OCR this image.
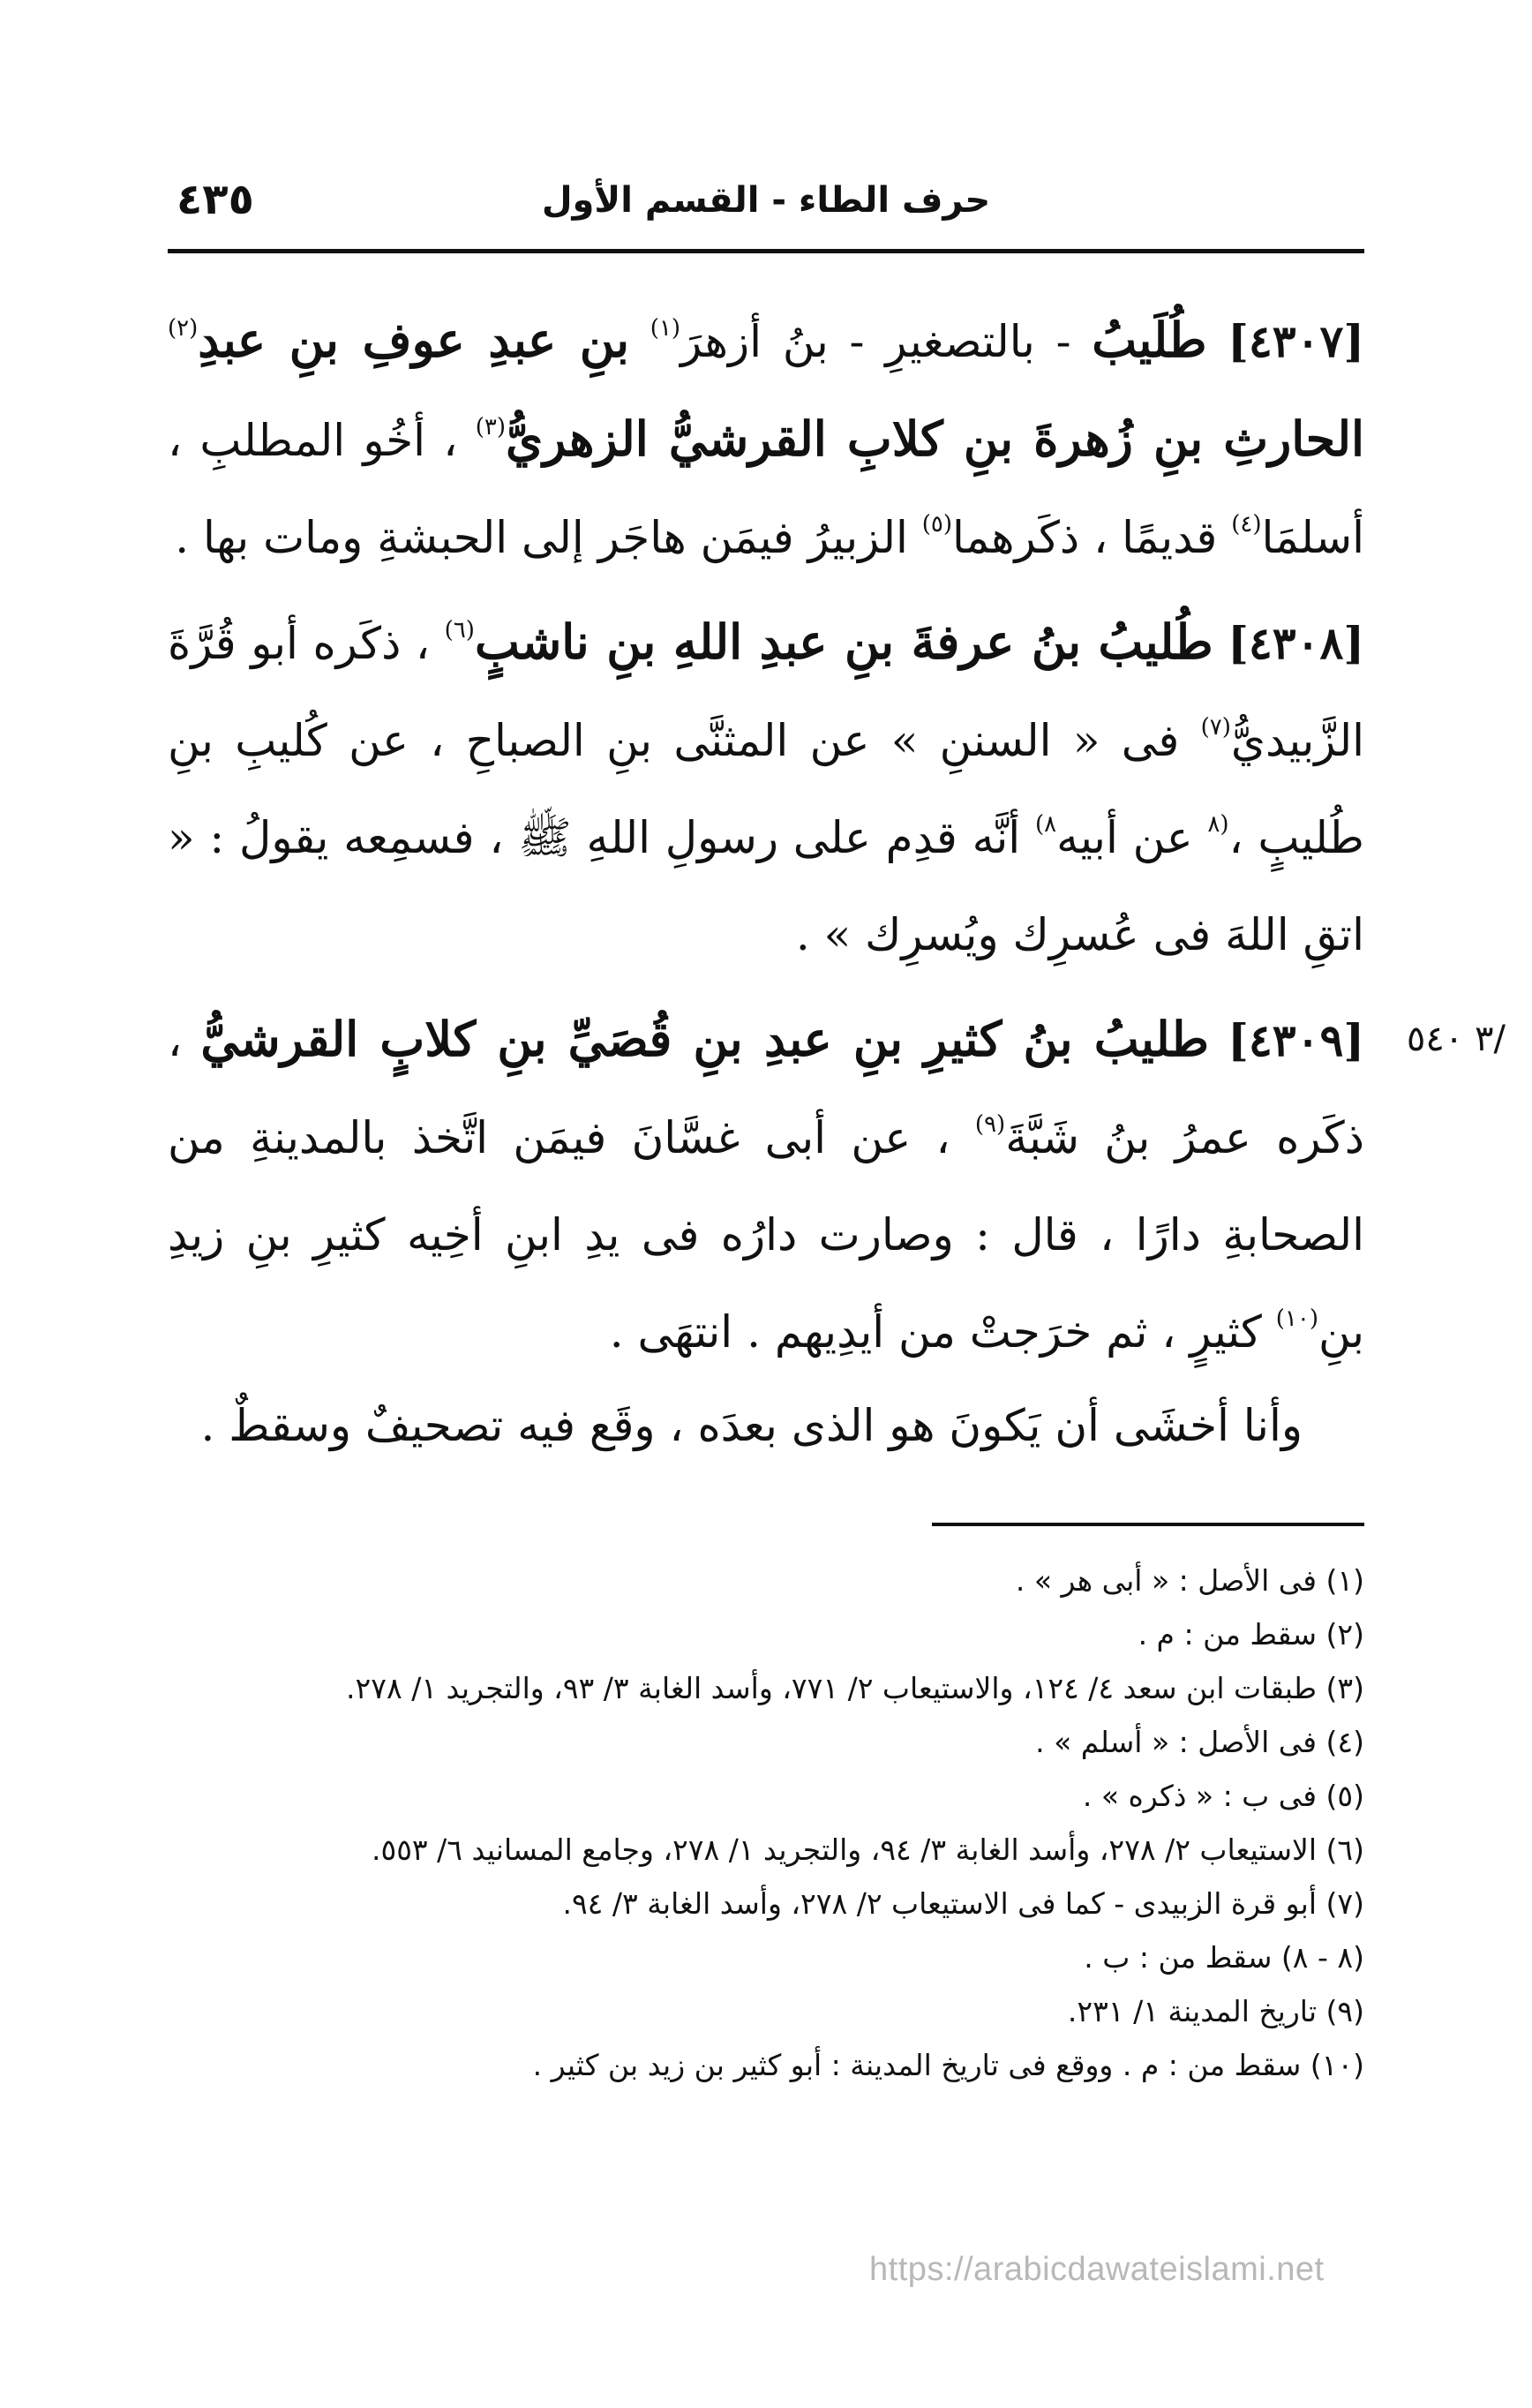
حرف الطاء - القسم الأول
٤٣٥

[٤٣٠٧] طُلَيبُ - بالتصغيرِ - بنُ أزهرَ$^{(١)}$ بنِ عبدِ عوفِ بنِ عبدِ$^{(٢)}$ الحارثِ بنِ زُهرةَ بنِ كلابِ القرشيُّ الزهريُّ$^{(٣)}$ ، أخُو المطلبِ ، أسلمَا$^{(٤)}$ قديمًا ، ذكَرهما$^{(٥)}$ الزبيرُ فيمَن هاجَر إلى الحبشةِ ومات بها .

[٤٣٠٨] طُليبُ بنُ عرفةَ بنِ عبدِ اللهِ بنِ ناشبٍ$^{(٦)}$ ، ذكَره أبو قُرَّةَ الزَّبيديُّ$^{(٧)}$ فى « السننِ » عن المثنَّى بنِ الصباحِ ، عن كُليبِ بنِ طُليبٍ ،$^{(٨}$ عن أبيه$^{٨)}$ أنَّه قدِم على رسولِ اللهِ ﷺ ، فسمِعه يقولُ : « اتقِ اللهَ فى عُسرِك ويُسرِك » .

/٣ ٥٤٠
[٤٣٠٩] طليبُ بنُ كثيرِ بنِ عبدِ بنِ قُصَيِّ بنِ كلابٍ القرشيُّ ، ذكَره عمرُ بنُ شَبَّةَ$^{(٩)}$ ، عن أبى غسَّانَ فيمَن اتَّخذ بالمدينةِ من الصحابةِ دارًا ، قال : وصارت دارُه فى يدِ ابنِ أخِيه كثيرِ بنِ زيدِ بنِ$^{(١٠)}$ كثيرٍ ، ثم خرَجتْ من أيدِيهم . انتهَى .

وأنا أخشَى أن يَكونَ هو الذى بعدَه ، وقَع فيه تصحيفٌ وسقطٌ .
(١) فى الأصل : « أبى هر » .
(٢) سقط من : م .
(٣) طبقات ابن سعد ٤/ ١٢٤، والاستيعاب ٢/ ٧٧١، وأسد الغابة ٣/ ٩٣، والتجريد ١/ ٢٧٨.
(٤) فى الأصل : « أسلم » .
(٥) فى ب : « ذكره » .
(٦) الاستيعاب ٢/ ٢٧٨، وأسد الغابة ٣/ ٩٤، والتجريد ١/ ٢٧٨، وجامع المسانيد ٦/ ٥٥٣.
(٧) أبو قرة الزبيدى - كما فى الاستيعاب ٢/ ٢٧٨، وأسد الغابة ٣/ ٩٤.
(٨ - ٨) سقط من : ب .
(٩) تاريخ المدينة ١/ ٢٣١.
(١٠) سقط من : م . ووقع فى تاريخ المدينة : أبو كثير بن زيد بن كثير .
https://arabicdawateislami.net
